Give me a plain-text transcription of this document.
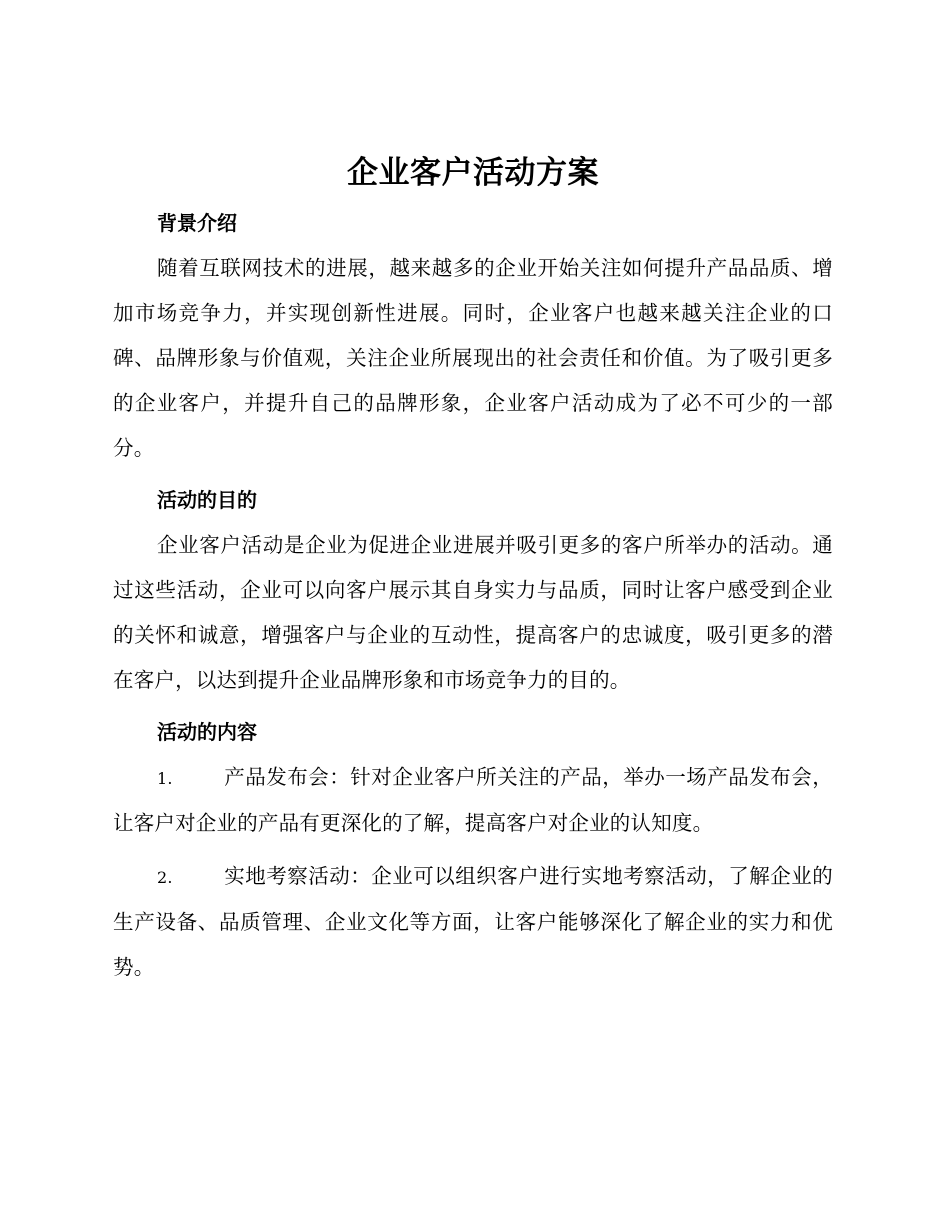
企业客户活动方案
背景介绍

随着互联网技术的进展，越来越多的企业开始关注如何提升产品品质、增加市场竞争力，并实现创新性进展。同时，企业客户也越来越关注企业的口碑、品牌形象与价值观，关注企业所展现出的社会责任和价值。为了吸引更多的企业客户，并提升自己的品牌形象，企业客户活动成为了必不可少的一部分。

活动的目的

企业客户活动是企业为促进企业进展并吸引更多的客户所举办的活动。通过这些活动，企业可以向客户展示其自身实力与品质，同时让客户感受到企业的关怀和诚意，增强客户与企业的互动性，提高客户的忠诚度，吸引更多的潜在客户，以达到提升企业品牌形象和市场竞争力的目的。

活动的内容

1.	产品发布会：针对企业客户所关注的产品，举办一场产品发布会，让客户对企业的产品有更深化的了解，提高客户对企业的认知度。

2.	实地考察活动：企业可以组织客户进行实地考察活动，了解企业的生产设备、品质管理、企业文化等方面，让客户能够深化了解企业的实力和优势。
